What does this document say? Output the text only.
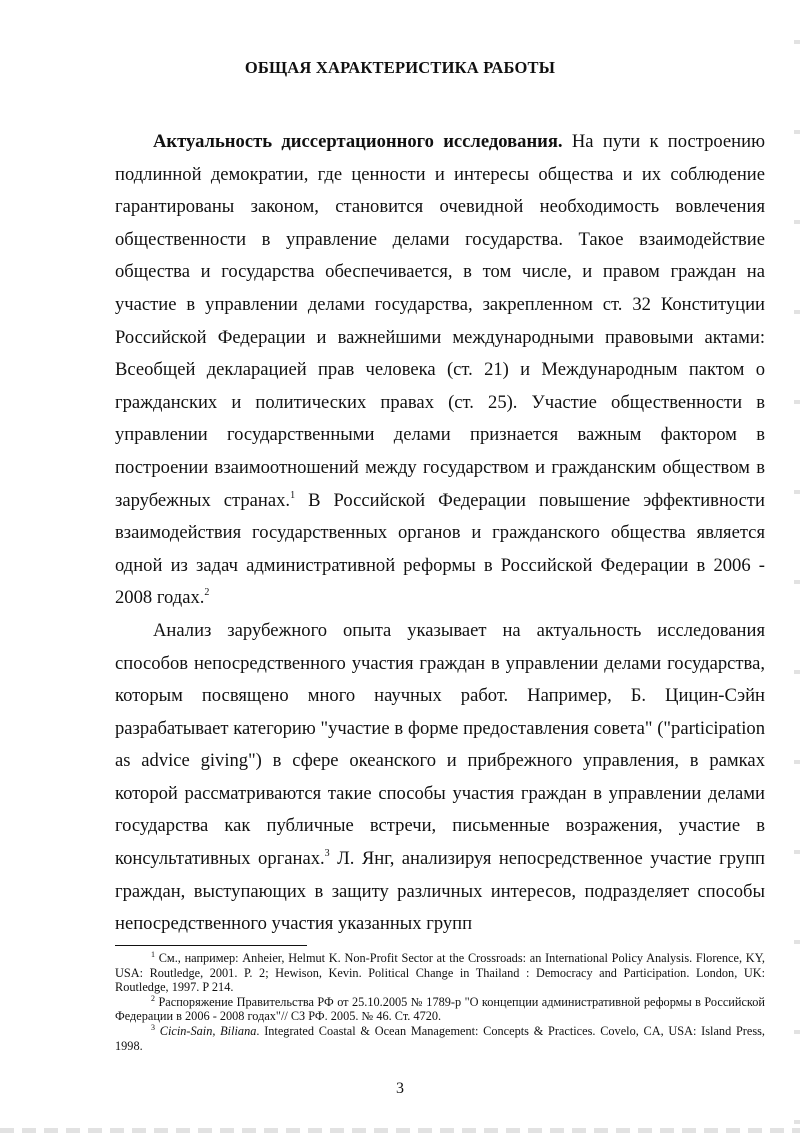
ОБЩАЯ ХАРАКТЕРИСТИКА РАБОТЫ

Актуальность диссертационного исследования. На пути к построению подлинной демократии, где ценности и интересы общества и их соблюдение гарантированы законом, становится очевидной необходимость вовлечения общественности в управление делами государства. Такое взаимодействие общества и государства обеспечивается, в том числе, и правом граждан на участие в управлении делами государства, закрепленном ст. 32 Конституции Российской Федерации и важнейшими международными правовыми актами: Всеобщей декларацией прав человека (ст. 21) и Международным пактом о гражданских и политических правах (ст. 25). Участие общественности в управлении государственными делами признается важным фактором в построении взаимоотношений между государством и гражданским обществом в зарубежных странах.$^1$ В Российской Федерации повышение эффективности взаимодействия государственных органов и гражданского общества является одной из задач административной реформы в Российской Федерации в 2006 - 2008 годах.$^2$

Анализ зарубежного опыта указывает на актуальность исследования способов непосредственного участия граждан в управлении делами государства, которым посвящено много научных работ. Например, Б. Цицин-Сэйн разрабатывает категорию "участие в форме предоставления совета" ("participation as advice giving") в сфере океанского и прибрежного управления, в рамках которой рассматриваются такие способы участия граждан в управлении делами государства как публичные встречи, письменные возражения, участие в консультативных органах.$^3$ Л. Янг, анализируя непосредственное участие групп граждан, выступающих в защиту различных интересов, подразделяет способы непосредственного участия указанных групп

$^1$ См., например: Anheier, Helmut K. Non-Profit Sector at the Crossroads: an International Policy Analysis. Florence, KY, USA: Routledge, 2001. P. 2; Hewison, Kevin. Political Change in Thailand : Democracy and Participation. London, UK: Routledge, 1997. P 214.

$^2$ Распоряжение Правительства РФ от 25.10.2005 № 1789-р "О концепции административной реформы в Российской Федерации в 2006 - 2008 годах"// СЗ РФ. 2005. № 46. Ст. 4720.

$^3$ Cicin-Sain, Biliana. Integrated Coastal & Ocean Management: Concepts & Practices. Covelo, CA, USA: Island Press, 1998.

3
